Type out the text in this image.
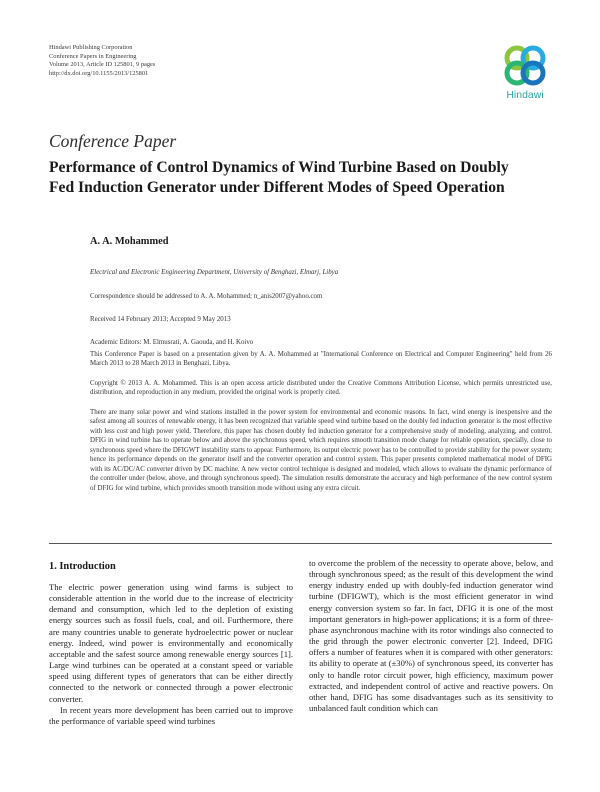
Hindawi Publishing Corporation
Conference Papers in Engineering
Volume 2013, Article ID 125801, 9 pages
http://dx.doi.org/10.1155/2013/125801
Hindawi
Conference Paper
Performance of Control Dynamics of Wind Turbine Based on Doubly Fed Induction Generator under Different Modes of Speed Operation
A. A. Mohammed
Electrical and Electronic Engineering Department, University of Benghazi, Elmarj, Libya
Correspondence should be addressed to A. A. Mohammed; n_anis2007@yahoo.com
Received 14 February 2013; Accepted 9 May 2013
Academic Editors: M. Elmusrati, A. Gaouda, and H. Koivo
This Conference Paper is based on a presentation given by A. A. Mohammed at "International Conference on Electrical and Computer Engineering" held from 26 March 2013 to 28 March 2013 in Benghazi, Libya.
Copyright © 2013 A. A. Mohammed. This is an open access article distributed under the Creative Commons Attribution License, which permits unrestricted use, distribution, and reproduction in any medium, provided the original work is properly cited.
There are many solar power and wind stations installed in the power system for environmental and economic reasons. In fact, wind energy is inexpensive and the safest among all sources of renewable energy, it has been recognized that variable speed wind turbine based on the doubly fed induction generator is the most effective with less cost and high power yield. Therefore, this paper has chosen doubly fed induction generator for a comprehensive study of modeling, analyzing, and control. DFIG in wind turbine has to operate below and above the synchronous speed, which requires smooth transition mode change for reliable operation, specially, close to synchronous speed where the DFIGWT instability starts to appear. Furthermore, its output electric power has to be controlled to provide stability for the power system; hence its performance depends on the generator itself and the converter operation and control system. This paper presents completed mathematical model of DFIG with its AC/DC/AC converter driven by DC machine. A new vector control technique is designed and modeled, which allows to evaluate the dynamic performance of the controller under (below, above, and through synchronous speed). The simulation results demonstrate the accuracy and high performance of the new control system of DFIG for wind turbine, which provides smooth transition mode without using any extra circuit.
1. Introduction

The electric power generation using wind farms is subject to considerable attention in the world due to the increase of electricity demand and consumption, which led to the depletion of existing energy sources such as fossil fuels, coal, and oil. Furthermore, there are many countries unable to generate hydroelectric power or nuclear energy. Indeed, wind power is environmentally and economically acceptable and the safest source among renewable energy sources [1]. Large wind turbines can be operated at a constant speed or variable speed using different types of generators that can be either directly connected to the network or connected through a power electronic converter.

In recent years more development has been carried out to improve the performance of variable speed wind turbines

to overcome the problem of the necessity to operate above, below, and through synchronous speed; as the result of this development the wind energy industry ended up with doubly-fed induction generator wind turbine (DFIGWT), which is the most efficient generator in wind energy conversion system so far. In fact, DFIG it is one of the most important generators in high-power applications; it is a form of three-phase asynchronous machine with its rotor windings also connected to the grid through the power electronic converter [2]. Indeed, DFIG offers a number of features when it is compared with other generators: its ability to operate at (±30%) of synchronous speed, its converter has only to handle rotor circuit power, high efficiency, maximum power extracted, and independent control of active and reactive powers. On other hand, DFIG has some disadvantages such as its sensitivity to unbalanced fault condition which can
